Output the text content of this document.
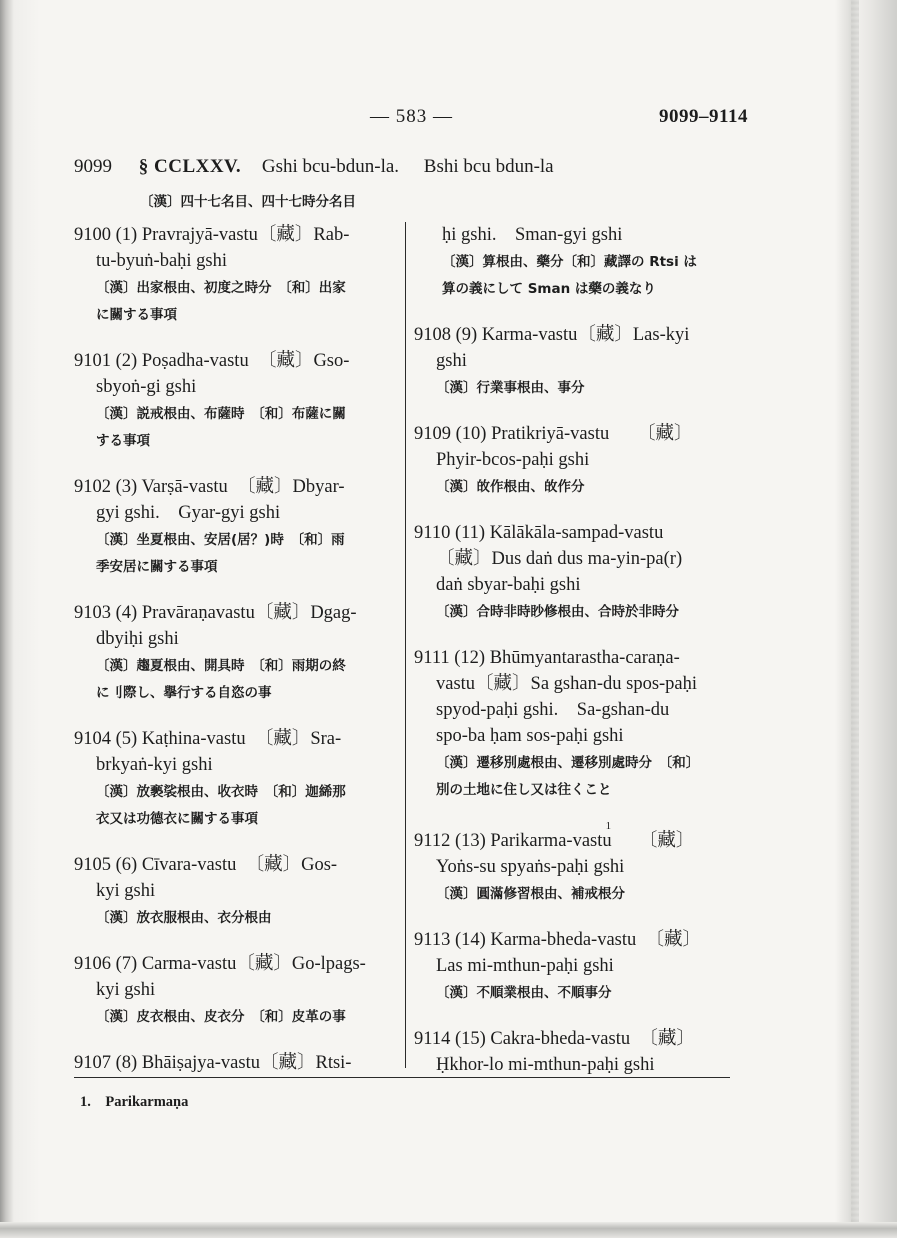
— 583 —	9099–9114
9099 § CCLXXV. Gshi bcu-bdun-la. Bshi bcu bdun-la
〔漢〕四十七名目、四十七時分名目
9100 (1) Pravrajyā-vastu〔藏〕Rab-
tu-byuṅ-baḥi gshi
〔漢〕出家根由、初度之時分　〔和〕出家
に關する事項
9101 (2) Poṣadha-vastu　〔藏〕Gso-
sbyoṅ-gi gshi
〔漢〕説戒根由、布薩時　〔和〕布薩に關
する事項
9102 (3) Varṣā-vastu　〔藏〕Dbyar-
gyi gshi.　Gyar-gyi gshi
〔漢〕坐夏根由、安居(居？)時　〔和〕雨
季安居に關する事項
9103 (4) Pravāraṇavastu〔藏〕Dgag-
dbyiḥi gshi
〔漢〕趨夏根由、開具時　〔和〕雨期の終
に刂際し、擧行する自恣の事
9104 (5) Kaṭhina-vastu　〔藏〕Sra-
brkyaṅ-kyi gshi
〔漢〕放褻裟根由、收衣時　〔和〕迦絺那
衣又は功德衣に關する事項
9105 (6) Cīvara-vastu　〔藏〕Gos-
kyi gshi
〔漢〕放衣服根由、衣分根由
9106 (7) Carma-vastu〔藏〕Go-lpags-
kyi gshi
〔漢〕皮衣根由、皮衣分　〔和〕皮革の事
9107 (8) Bhāiṣajya-vastu〔藏〕Rtsi-
ḥi gshi.　Sman-gyi gshi
〔漢〕算根由、藥分〔和〕藏譯の Rtsi は
算の義にして Sman は藥の義なり
9108 (9) Karma-vastu〔藏〕Las-kyi
gshi
〔漢〕行業事根由、事分
9109 (10) Pratikriyā-vastu　　〔藏〕
Phyir-bcos-paḥi gshi
〔漢〕敀作根由、敀作分
9110 (11) Kālākāla-sampad-vastu
〔藏〕Dus daṅ dus ma-yin-pa(r)
daṅ sbyar-baḥi gshi
〔漢〕合時非時眇修根由、合時於非時分
9111 (12) Bhūmyantarastha-caraṇa-
vastu〔藏〕Sa gshan-du spos-paḥi
spyod-paḥi gshi.　Sa-gshan-du
spo-ba ḥam sos-paḥi gshi
〔漢〕遷移別處根由、遷移別處時分　〔和〕
別の土地に住し又は往くこと
9112 (13) Parikarma-vastu$^1$　　〔藏〕
Yoṅs-su spyaṅs-paḥi gshi
〔漢〕圓滿修習根由、補戒根分
9113 (14) Karma-bheda-vastu　〔藏〕
Las mi-mthun-paḥi gshi
〔漢〕不順業根由、不順事分
9114 (15) Cakra-bheda-vastu　〔藏〕
Ḥkhor-lo mi-mthun-paḥi gshi
1.　Parikarmaṇa
